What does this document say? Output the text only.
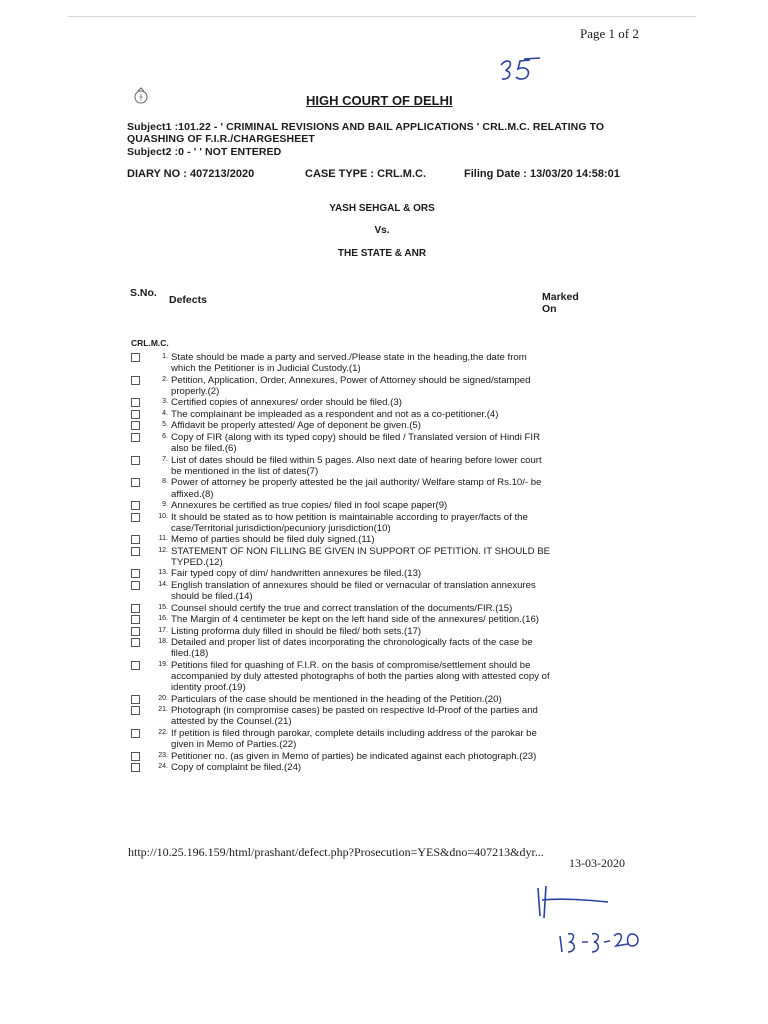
Page 1 of 2
HIGH COURT OF DELHI
Subject1 :101.22 - ' CRIMINAL REVISIONS AND BAIL APPLICATIONS ' CRL.M.C. RELATING TO
QUASHING OF F.I.R./CHARGESHEET
Subject2 :0 - ' ' NOT ENTERED
DIARY NO : 407213/2020	CASE TYPE : CRL.M.C.	Filing Date : 13/03/20 14:58:01
YASH SEHGAL & ORS
Vs.
THE STATE & ANR
S.No.
Defects	Marked
On
CRL.M.C.
1. State should be made a party and served./Please state in the heading,the date from which the Petitioner is in Judicial Custody.(1)
2. Petition, Application, Order, Annexures, Power of Attorney should be signed/stamped properly.(2)
3. Certified copies of annexures/ order should be filed.(3)
4. The complainant be impleaded as a respondent and not as a co-petitioner.(4)
5. Affidavit be properly attested/ Age of deponent be given.(5)
6. Copy of FIR (along with its typed copy) should be filed / Translated version of Hindi FIR also be filed.(6)
7. List of dates should be filed within 5 pages. Also next date of hearing before lower court be mentioned in the list of dates(7)
8. Power of attorney be properly attested be the jail authority/ Welfare stamp of Rs.10/- be affixed.(8)
9. Annexures be certified as true copies/ filed in fool scape paper(9)
10. It should be stated as to how petition is maintainable according to prayer/facts of the case/Territorial jurisdiction/pecuniory jurisdiction(10)
11. Memo of parties should be filed duly signed.(11)
12. STATEMENT OF NON FILLING BE GIVEN IN SUPPORT OF PETITION. IT SHOULD BE TYPED.(12)
13. Fair typed copy of dim/ handwritten annexures be filed.(13)
14. English translation of annexures should be filed or vernacular of translation annexures should be filed.(14)
15. Counsel should certify the true and correct translation of the documents/FIR.(15)
16. The Margin of 4 centimeter be kept on the left hand side of the annexures/ petition.(16)
17. Listing proforma duly filled in should be filed/ both sets.(17)
18. Detailed and proper list of dates incorporating the chronologically facts of the case be filed.(18)
19. Petitions filed for quashing of F.I.R. on the basis of compromise/settlement should be accompanied by duly attested photographs of both the parties along with attested copy of identity proof.(19)
20. Particulars of the case should be mentioned in the heading of the Petition.(20)
21. Photograph (in compromise cases) be pasted on respective Id-Proof of the parties and attested by the Counsel.(21)
22. If petition is filed through parokar, complete details including address of the parokar be given in Memo of Parties.(22)
23. Petitioner no. (as given in Memo of parties) be indicated against each photograph.(23)
24. Copy of complaint be filed.(24)
http://10.25.196.159/html/prashant/defect.php?Prosecution=YES&dno=407213&dyr...
13-03-2020
